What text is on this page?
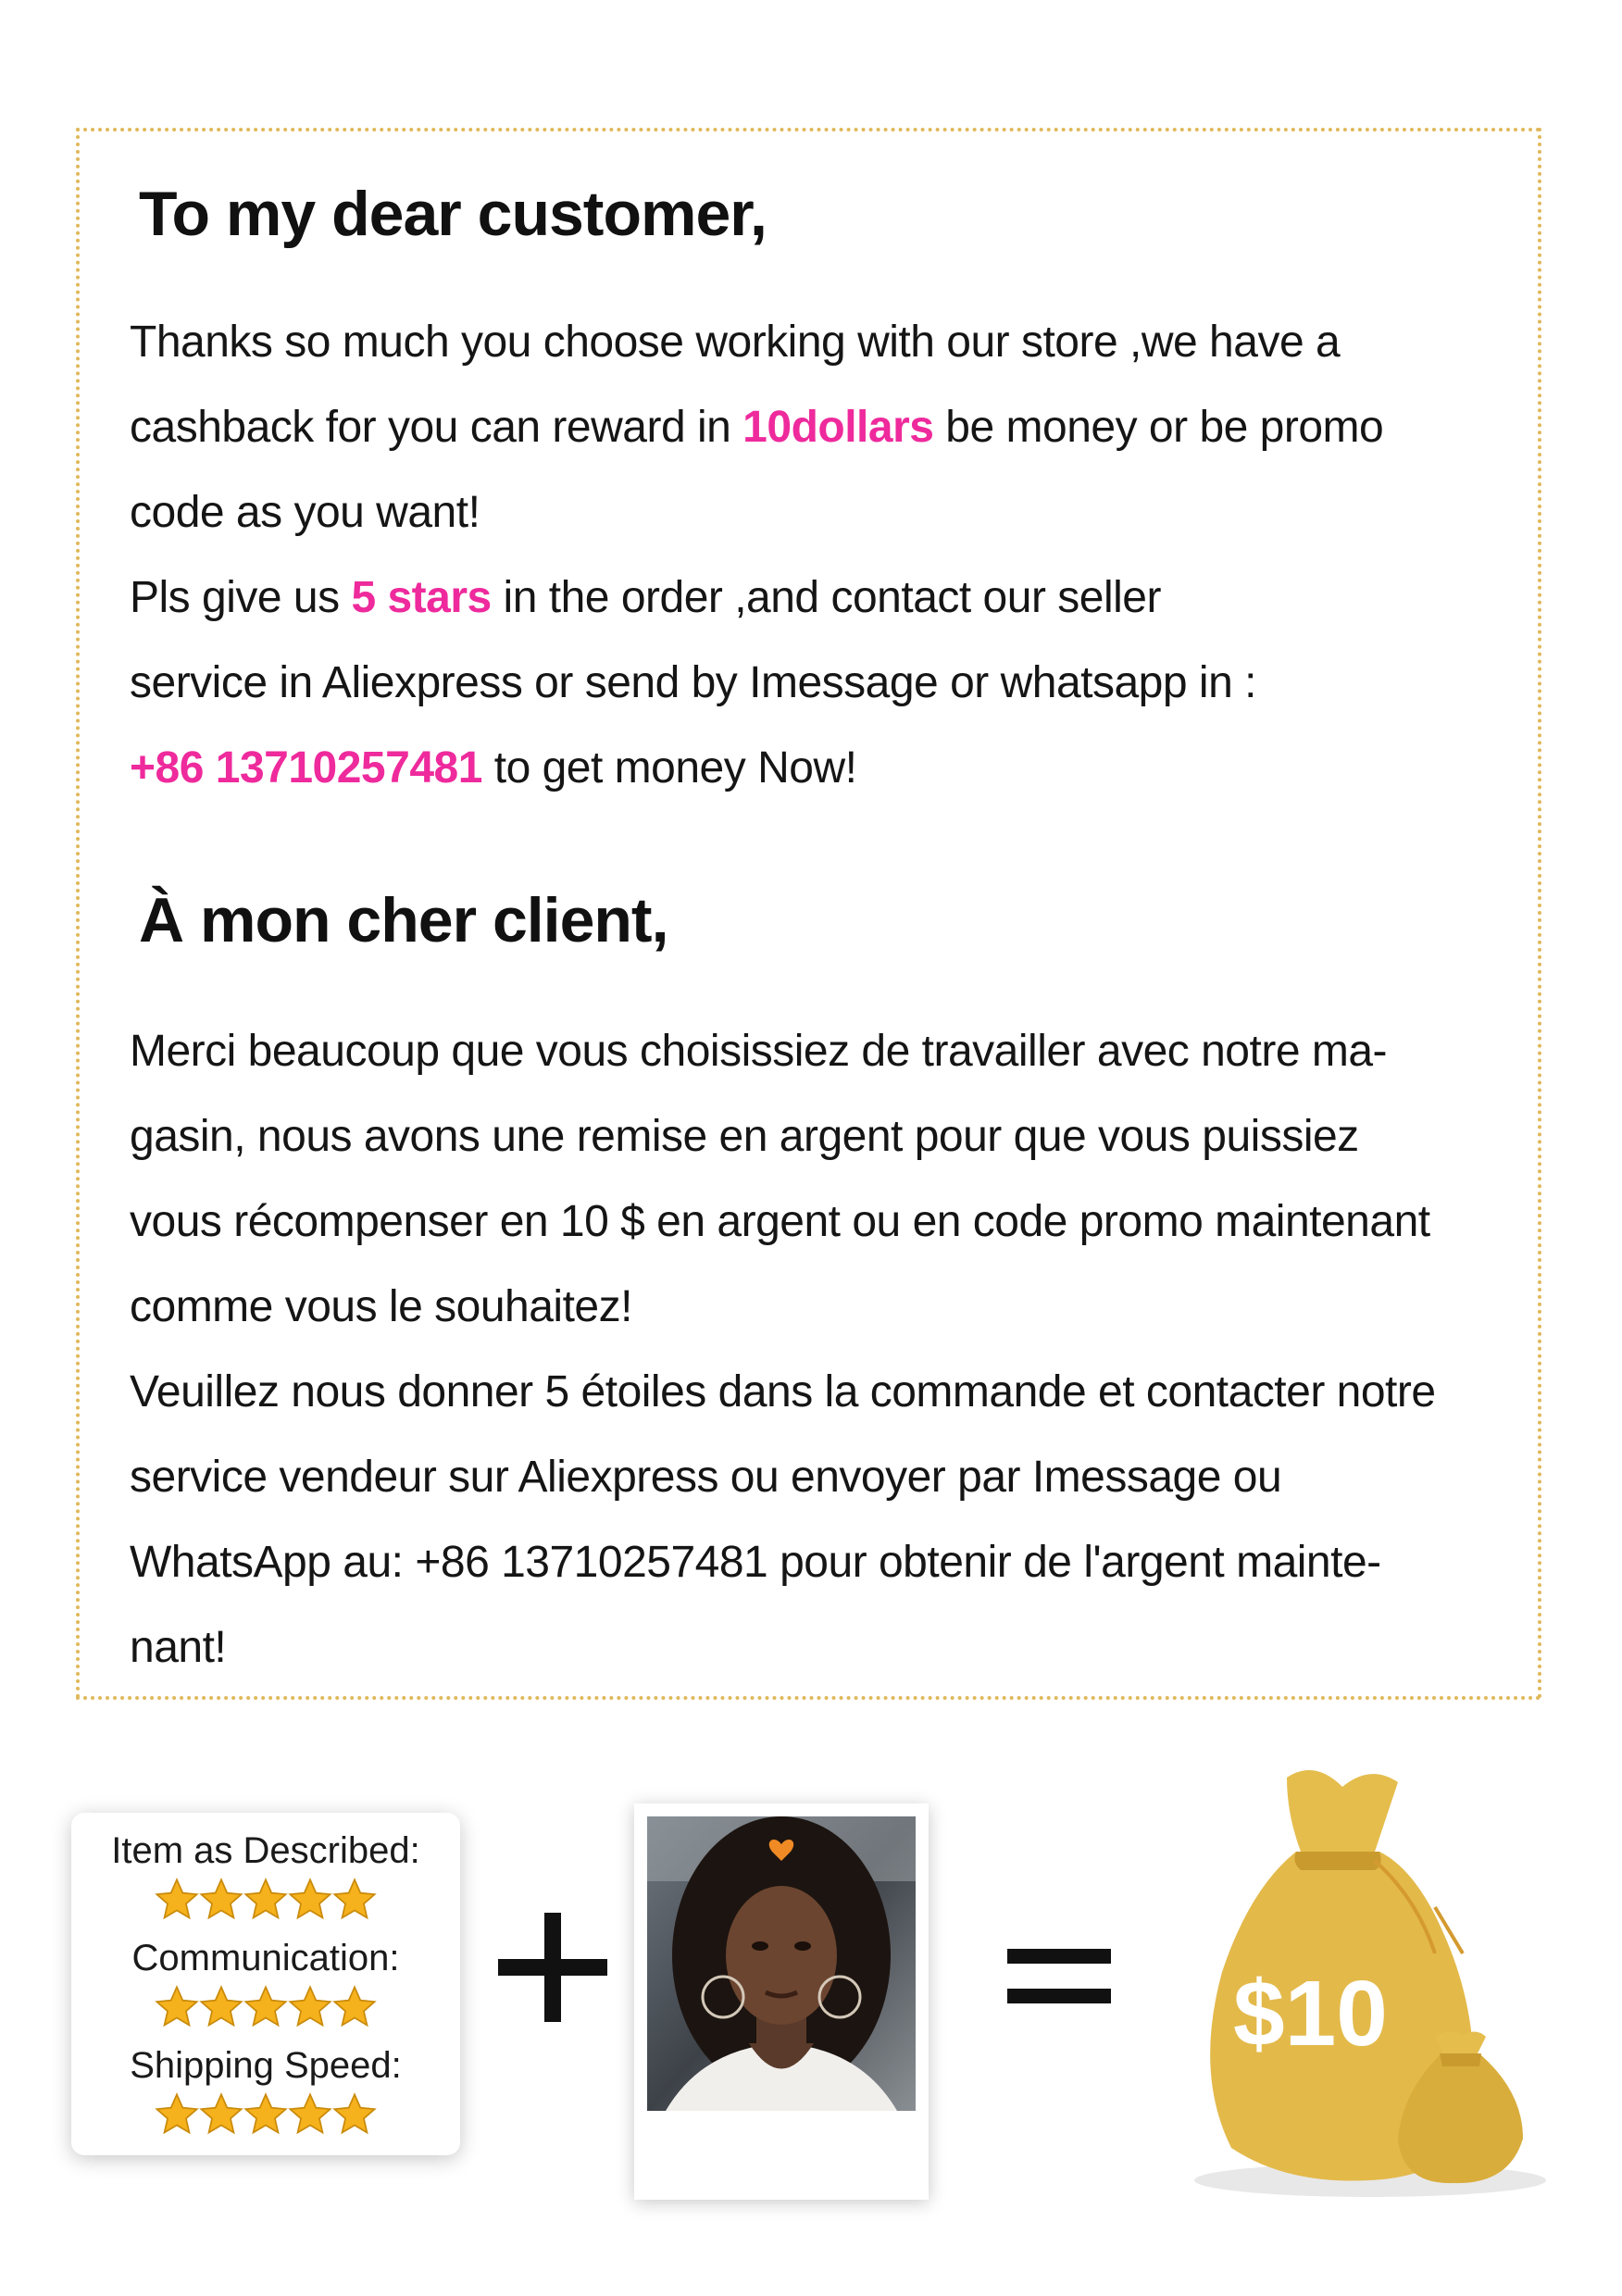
To my dear customer,
Thanks so much you choose working with our store ,we have a
cashback for you can reward in 10dollars be money or be promo
code as you want!
Pls give us 5 stars in the order ,and contact our seller
service in Aliexpress or send by Imessage or whatsapp in :
+86 13710257481 to get money Now!
À mon cher client,
Merci beaucoup que vous choisissiez de travailler avec notre ma-
gasin, nous avons une remise en argent pour que vous puissiez
vous récompenser en 10 $ en argent ou en code promo maintenant
comme vous le souhaitez!
Veuillez nous donner 5 étoiles dans la commande et contacter notre
service vendeur sur Aliexpress ou envoyer par Imessage ou
WhatsApp au: +86 13710257481 pour obtenir de l'argent mainte-
nant!
Item as Described:
Communication:
Shipping Speed:	$10
